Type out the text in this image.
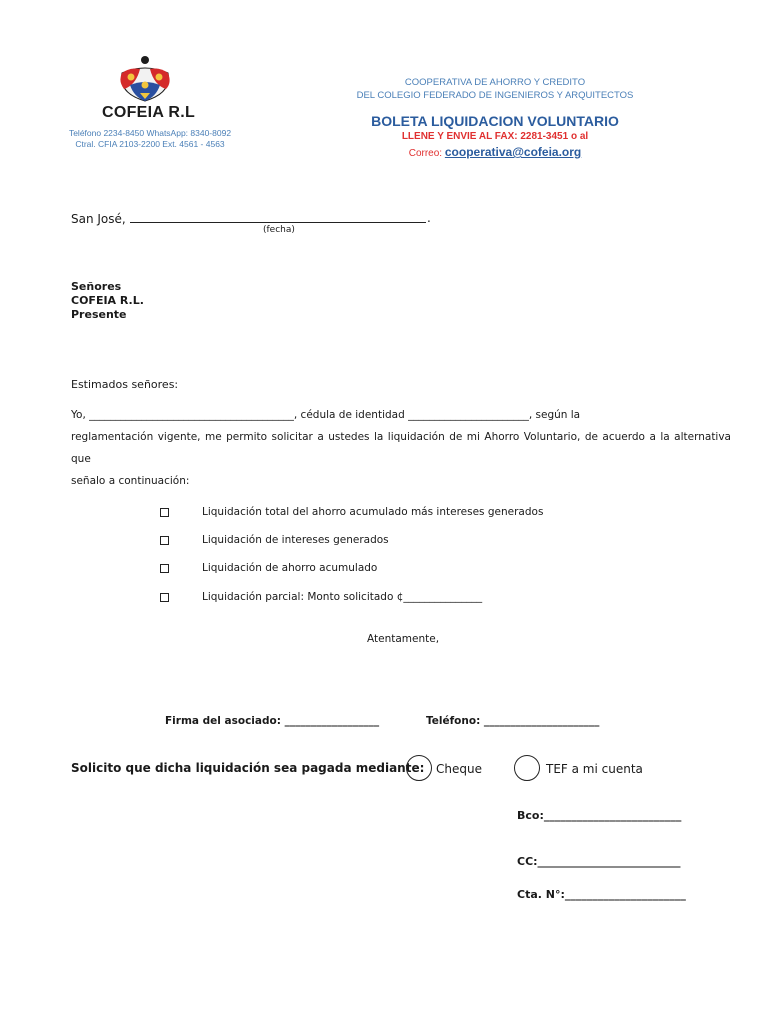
COFEIA R.L
Teléfono 2234-8450 WhatsApp: 8340-8092
Ctral. CFIA 2103-2200 Ext. 4561 - 4563
COOPERATIVA DE AHORRO Y CREDITO
DEL COLEGIO FEDERADO DE INGENIEROS Y ARQUITECTOS
BOLETA LIQUIDACION VOLUNTARIO
LLENE Y ENVIE AL FAX: 2281-3451 o al
Correo: cooperativa@cofeia.org
San José,	.
(fecha)
Señores
COFEIA R.L.
Presente
Estimados señores:

Yo, _______________________________________, cédula de identidad _______________________, según la

reglamentación vigente, me permito solicitar a ustedes la liquidación de mi Ahorro Voluntario, de acuerdo a la alternativa que

señalo a continuación:

Liquidación total del ahorro acumulado más intereses generados
Liquidación de intereses generados
Liquidación de ahorro acumulado
Liquidación parcial: Monto solicitado ¢_______________
Atentamente,
Firma del asociado: __________________	Teléfono: ______________________
Solicito que dicha liquidación sea pagada mediante: Cheque	TEF a mi cuenta
Bco:_________________________
CC:__________________________
Cta. N°:______________________
